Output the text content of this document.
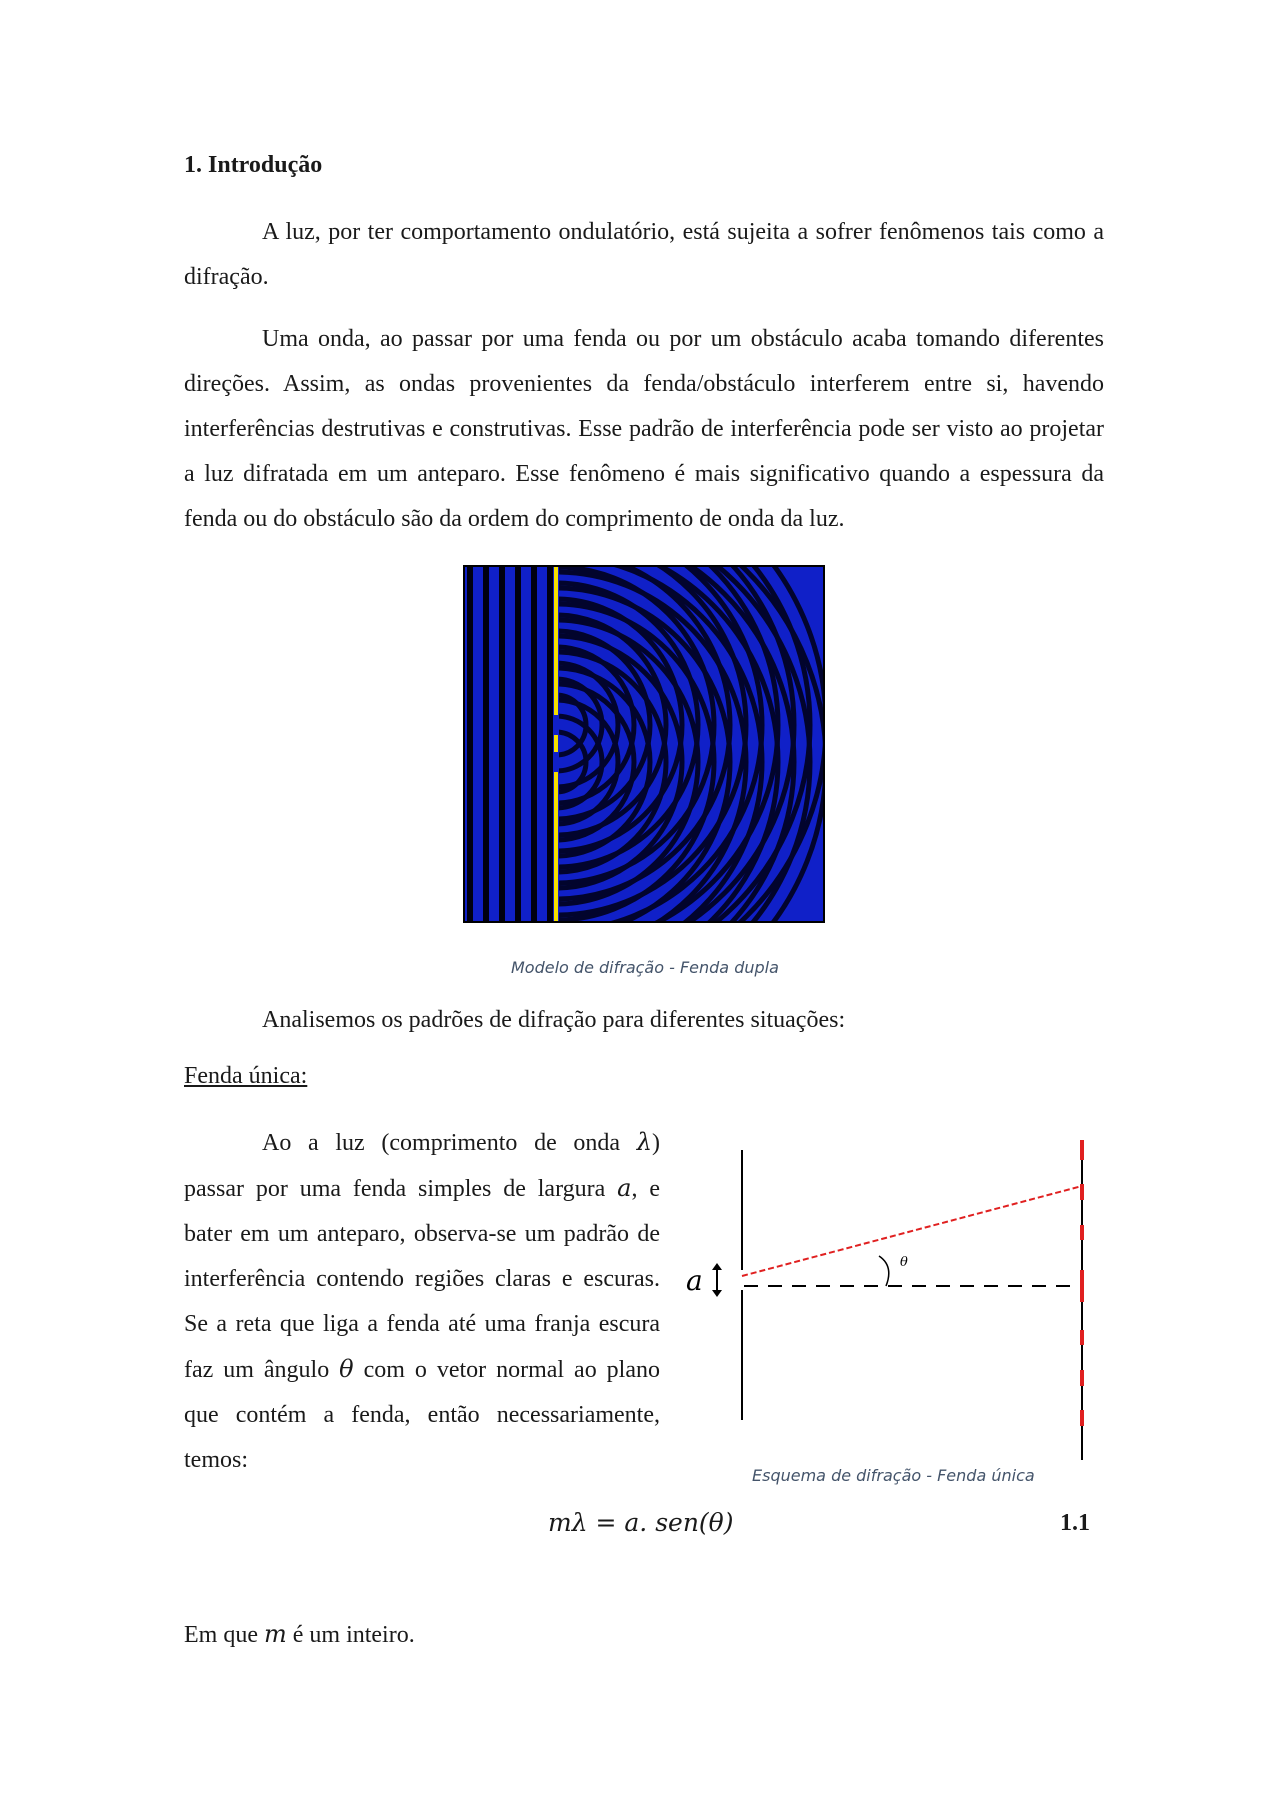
1. Introdução

A luz, por ter comportamento ondulatório, está sujeita a sofrer fenômenos tais como a difração.

Uma onda, ao passar por uma fenda ou por um obstáculo acaba tomando diferentes direções. Assim, as ondas provenientes da fenda/obstáculo interferem entre si, havendo interferências destrutivas e construtivas. Esse padrão de interferência pode ser visto ao projetar a luz difratada em um anteparo. Esse fenômeno é mais significativo quando a espessura da fenda ou do obstáculo são da ordem do comprimento de onda da luz.

Modelo de difração - Fenda dupla

Analisemos os padrões de difração para diferentes situações:

Fenda única:

Ao a luz (comprimento de onda λ) passar por uma fenda simples de largura a, e bater em um anteparo, observa-se um padrão de interferência contendo regiões claras e escuras. Se a reta que liga a fenda até uma franja escura faz um ângulo θ com o vetor normal ao plano que contém a fenda, então necessariamente, temos:

θ
a
Esquema de difração - Fenda única
mλ = a. sen(θ)	1.1
Em que m é um inteiro.
